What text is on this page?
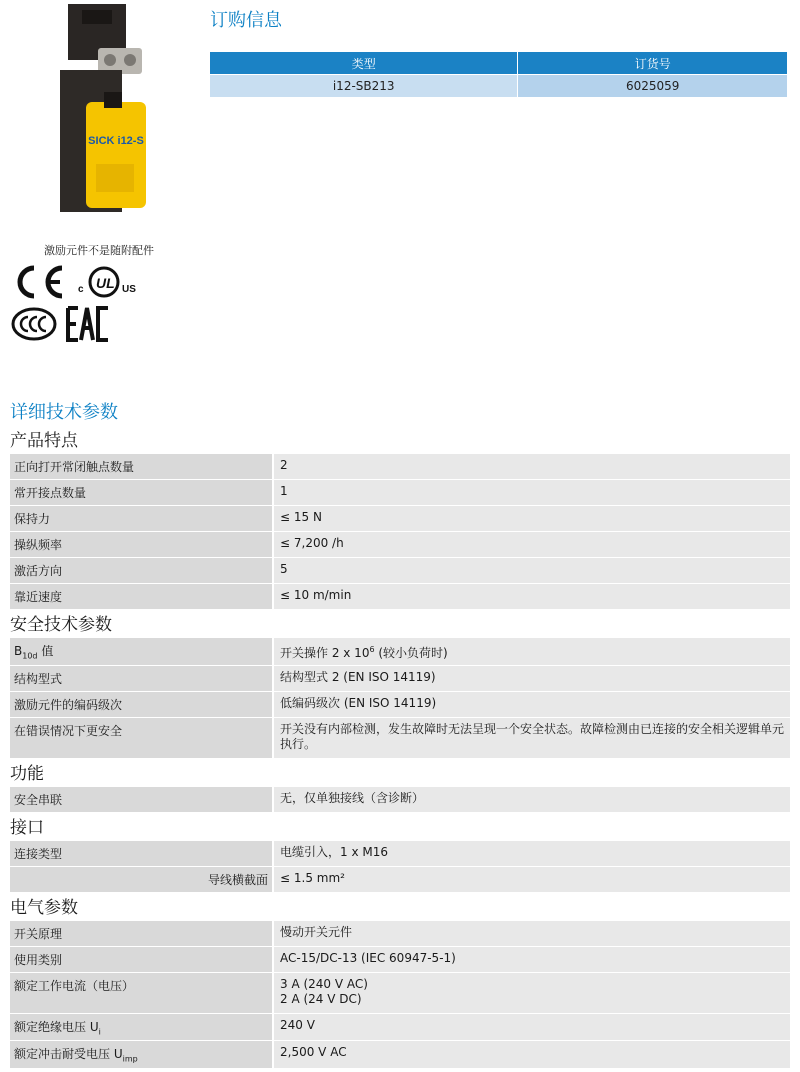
SICK i12-S
激励元件不是随附配件
c UL US
订购信息
类型	订货号
i12-SB213	6025059
详细技术参数
产品特点
正向打开常闭触点数量	2
常开接点数量	1
保持力	≤ 15 N
操纵频率	≤ 7,200 /h
激活方向	5
靠近速度	≤ 10 m/min
安全技术参数
$B_{10d}$ 值	开关操作 2 x $10^6$ (较小负荷时)
结构型式	结构型式 2 (EN ISO 14119)
激励元件的编码级次	低编码级次 (EN ISO 14119)
在错误情况下更安全	开关没有内部检测，发生故障时无法呈现一个安全状态。故障检测由已连接的安全相关逻辑单元执行。
功能
安全串联	无，仅单独接线（含诊断）
接口
连接类型	电缆引入，1 x M16
导线横截面	≤ 1.5 mm²
电气参数
开关原理	慢动开关元件
使用类别	AC-15/DC-13 (IEC 60947-5-1)
额定工作电流（电压）	3 A (240 V AC)
2 A (24 V DC)
额定绝缘电压 $U_i$	240 V
额定冲击耐受电压 $U_{imp}$	2,500 V AC
